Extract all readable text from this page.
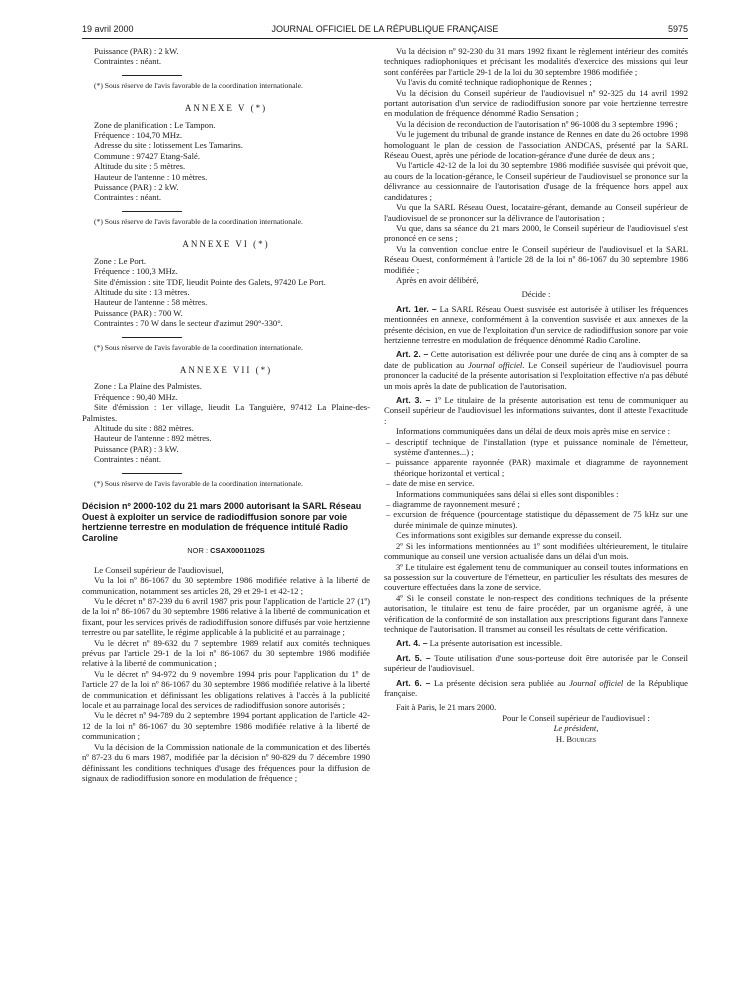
19 avril 2000	JOURNAL OFFICIEL DE LA RÉPUBLIQUE FRANÇAISE	5975

Puissance (PAR) : 2 kW.

Contraintes : néant.

(*) Sous réserve de l'avis favorable de la coordination internationale.

ANNEXE V (*)

Zone de planification : Le Tampon.

Fréquence : 104,70 MHz.

Adresse du site : lotissement Les Tamarins.

Commune : 97427 Etang-Salé.

Altitude du site : 5 mètres.

Hauteur de l'antenne : 10 mètres.

Puissance (PAR) : 2 kW.

Contraintes : néant.

(*) Sous réserve de l'avis favorable de la coordination internationale.

ANNEXE VI (*)

Zone : Le Port.

Fréquence : 100,3 MHz.

Site d'émission : site TDF, lieudit Pointe des Galets, 97420 Le Port.

Altitude du site : 13 mètres.

Hauteur de l'antenne : 58 mètres.

Puissance (PAR) : 700 W.

Contraintes : 70 W dans le secteur d'azimut 290°-330°.

(*) Sous réserve de l'avis favorable de la coordination internationale.

ANNEXE VII (*)

Zone : La Plaine des Palmistes.

Fréquence : 90,40 MHz.

Site d'émission : 1er village, lieudit La Tanguière, 97412 La Plaine-des-Palmistes.

Altitude du site : 882 mètres.

Hauteur de l'antenne : 892 mètres.

Puissance (PAR) : 3 kW.

Contraintes : néant.

(*) Sous réserve de l'avis favorable de la coordination internationale.

Décision nº 2000-102 du 21 mars 2000 autorisant la SARL Réseau Ouest à exploiter un service de radiodiffusion sonore par voie hertzienne terrestre en modulation de fréquence intitulé Radio Caroline

NOR : CSAX0001102S

Le Conseil supérieur de l'audiovisuel,

Vu la loi nº 86-1067 du 30 septembre 1986 modifiée relative à la liberté de communication, notamment ses articles 28, 29 et 29-1 et 42-12 ;

Vu le décret nº 87-239 du 6 avril 1987 pris pour l'application de l'article 27 (1º) de la loi nº 86-1067 du 30 septembre 1986 relative à la liberté de communication et fixant, pour les services privés de radiodiffusion sonore diffusés par voie hertzienne terrestre ou par satellite, le régime applicable à la publicité et au parrainage ;

Vu le décret nº 89-632 du 7 septembre 1989 relatif aux comités techniques prévus par l'article 29-1 de la loi nº 86-1067 du 30 septembre 1986 modifiée relative à la liberté de communication ;

Vu le décret nº 94-972 du 9 novembre 1994 pris pour l'application du 1º de l'article 27 de la loi nº 86-1067 du 30 septembre 1986 modifiée relative à la liberté de communication et définissant les obligations relatives à l'accès à la publicité locale et au parrainage local des services de radiodiffusion sonore autorisés ;

Vu le décret nº 94-789 du 2 septembre 1994 portant application de l'article 42-12 de la loi nº 86-1067 du 30 septembre 1986 modifiée relative à la liberté de communication ;

Vu la décision de la Commission nationale de la communication et des libertés nº 87-23 du 6 mars 1987, modifiée par la décision nº 90-829 du 7 décembre 1990 définissant les conditions techniques d'usage des fréquences pour la diffusion de signaux de radiodiffusion sonore en modulation de fréquence ;

Vu la décision nº 92-230 du 31 mars 1992 fixant le règlement intérieur des comités techniques radiophoniques et précisant les modalités d'exercice des missions qui leur sont conférées par l'article 29-1 de la loi du 30 septembre 1986 modifiée ;

Vu l'avis du comité technique radiophonique de Rennes ;

Vu la décision du Conseil supérieur de l'audiovisuel nº 92-325 du 14 avril 1992 portant autorisation d'un service de radiodiffusion sonore par voie hertzienne terrestre en modulation de fréquence dénommé Radio Sensation ;

Vu la décision de reconduction de l'autorisation nº 96-1008 du 3 septembre 1996 ;

Vu le jugement du tribunal de grande instance de Rennes en date du 26 octobre 1998 homologuant le plan de cession de l'association ANDCAS, présenté par la SARL Réseau Ouest, après une période de location-gérance d'une durée de deux ans ;

Vu l'article 42-12 de la loi du 30 septembre 1986 modifiée susvisée qui prévoit que, au cours de la location-gérance, le Conseil supérieur de l'audiovisuel se prononce sur la délivrance au cessionnaire de l'autorisation d'usage de la fréquence hors appel aux candidatures ;

Vu que la SARL Réseau Ouest, locataire-gérant, demande au Conseil supérieur de l'audiovisuel de se prononcer sur la délivrance de l'autorisation ;

Vu que, dans sa séance du 21 mars 2000, le Conseil supérieur de l'audiovisuel s'est prononcé en ce sens ;

Vu la convention conclue entre le Conseil supérieur de l'audiovisuel et la SARL Réseau Ouest, conformément à l'article 28 de la loi nº 86-1067 du 30 septembre 1986 modifiée ;

Après en avoir délibéré,

Décide :

Art. 1er. – La SARL Réseau Ouest susvisée est autorisée à utiliser les fréquences mentionnées en annexe, conformément à la convention susvisée et aux annexes de la présente décision, en vue de l'exploitation d'un service de radiodiffusion sonore par voie hertzienne terrestre en modulation de fréquence dénommé Radio Caroline.

Art. 2. – Cette autorisation est délivrée pour une durée de cinq ans à compter de sa date de publication au Journal officiel. Le Conseil supérieur de l'audiovisuel pourra prononcer la caducité de la présente autorisation si l'exploitation effective n'a pas débuté un mois après la date de publication de l'autorisation.

Art. 3. – 1º Le titulaire de la présente autorisation est tenu de communiquer au Conseil supérieur de l'audiovisuel les informations suivantes, dont il atteste l'exactitude :

Informations communiquées dans un délai de deux mois après mise en service :

– descriptif technique de l'installation (type et puissance nominale de l'émetteur, système d'antennes...) ;

– puissance apparente rayonnée (PAR) maximale et diagramme de rayonnement théorique horizontal et vertical ;

– date de mise en service.

Informations communiquées sans délai si elles sont disponibles :

– diagramme de rayonnement mesuré ;

– excursion de fréquence (pourcentage statistique du dépassement de 75 kHz sur une durée minimale de quinze minutes).

Ces informations sont exigibles sur demande expresse du conseil.

2º Si les informations mentionnées au 1º sont modifiées ultérieurement, le titulaire communique au conseil une version actualisée dans un délai d'un mois.

3º Le titulaire est également tenu de communiquer au conseil toutes informations en sa possession sur la couverture de l'émetteur, en particulier les résultats des mesures de couverture effectuées dans la zone de service.

4º Si le conseil constate le non-respect des conditions techniques de la présente autorisation, le titulaire est tenu de faire procéder, par un organisme agréé, à une vérification de la conformité de son installation aux prescriptions figurant dans l'annexe technique de l'autorisation. Il transmet au conseil les résultats de cette vérification.

Art. 4. – La présente autorisation est incessible.

Art. 5. – Toute utilisation d'une sous-porteuse doit être autorisée par le Conseil supérieur de l'audiovisuel.

Art. 6. – La présente décision sera publiée au Journal officiel de la République française.

Fait à Paris, le 21 mars 2000.

Pour le Conseil supérieur de l'audiovisuel :

Le président,

H. Bourges
